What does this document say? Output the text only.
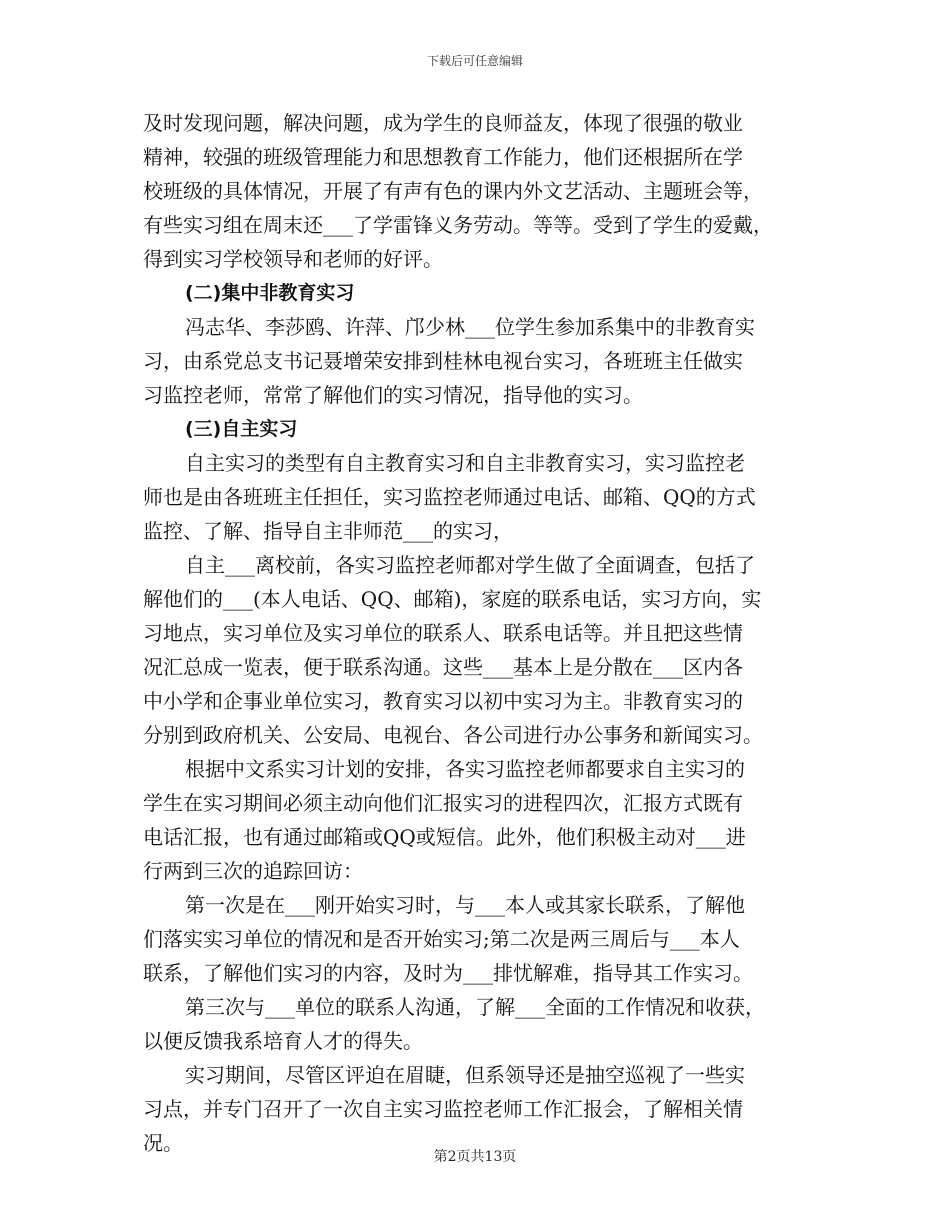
下载后可任意编辑
及时发现问题，解决问题，成为学生的良师益友，体现了很强的敬业
精神，较强的班级管理能力和思想教育工作能力，他们还根据所在学
校班级的具体情况，开展了有声有色的课内外文艺活动、主题班会等，
有些实习组在周末还___了学雷锋义务劳动。等等。受到了学生的爱戴，
得到实习学校领导和老师的好评。
(二)集中非教育实习
冯志华、李莎鸥、许萍、邝少林___位学生参加系集中的非教育实
习，由系党总支书记聂增荣安排到桂林电视台实习，各班班主任做实
习监控老师，常常了解他们的实习情况，指导他的实习。
(三)自主实习
自主实习的类型有自主教育实习和自主非教育实习，实习监控老
师也是由各班班主任担任，实习监控老师通过电话、邮箱、QQ的方式
监控、了解、指导自主非师范___的实习，
自主___离校前，各实习监控老师都对学生做了全面调查，包括了
解他们的___(本人电话、QQ、邮箱)，家庭的联系电话，实习方向，实
习地点，实习单位及实习单位的联系人、联系电话等。并且把这些情
况汇总成一览表，便于联系沟通。这些___基本上是分散在___区内各
中小学和企事业单位实习，教育实习以初中实习为主。非教育实习的
分别到政府机关、公安局、电视台、各公司进行办公事务和新闻实习。
根据中文系实习计划的安排，各实习监控老师都要求自主实习的
学生在实习期间必须主动向他们汇报实习的进程四次，汇报方式既有
电话汇报，也有通过邮箱或QQ或短信。此外，他们积极主动对___进
行两到三次的追踪回访：
第一次是在___刚开始实习时，与___本人或其家长联系，了解他
们落实实习单位的情况和是否开始实习;第二次是两三周后与___本人
联系，了解他们实习的内容，及时为___排忧解难，指导其工作实习。
第三次与___单位的联系人沟通，了解___全面的工作情况和收获，
以便反馈我系培育人才的得失。
实习期间，尽管区评迫在眉睫，但系领导还是抽空巡视了一些实
习点，并专门召开了一次自主实习监控老师工作汇报会，了解相关情
况。
第2页共13页
